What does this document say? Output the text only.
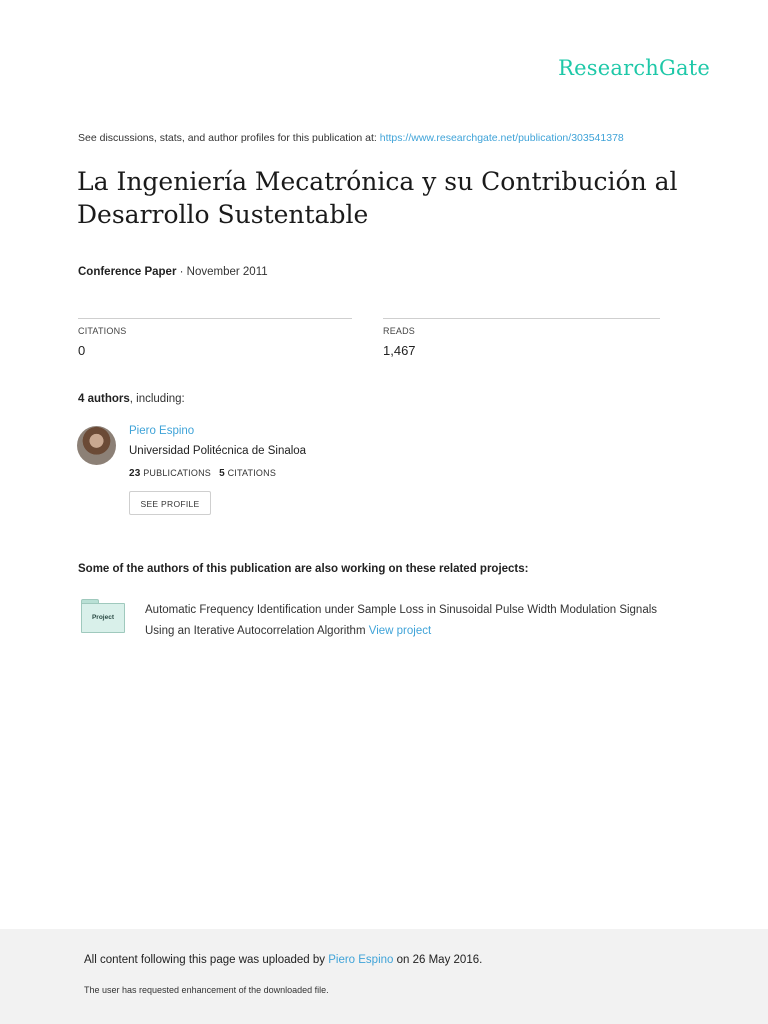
ResearchGate
See discussions, stats, and author profiles for this publication at: https://www.researchgate.net/publication/303541378
La Ingeniería Mecatrónica y su Contribución al
Desarrollo Sustentable
Conference Paper · November 2011
CITATIONS
0
READS
1,467
4 authors, including:
Piero Espino
Universidad Politécnica de Sinaloa
23 PUBLICATIONS 5 CITATIONS
SEE PROFILE
Some of the authors of this publication are also working on these related projects:
Project
Automatic Frequency Identification under Sample Loss in Sinusoidal Pulse Width Modulation Signals
Using an Iterative Autocorrelation Algorithm View project
All content following this page was uploaded by Piero Espino on 26 May 2016.
The user has requested enhancement of the downloaded file.
